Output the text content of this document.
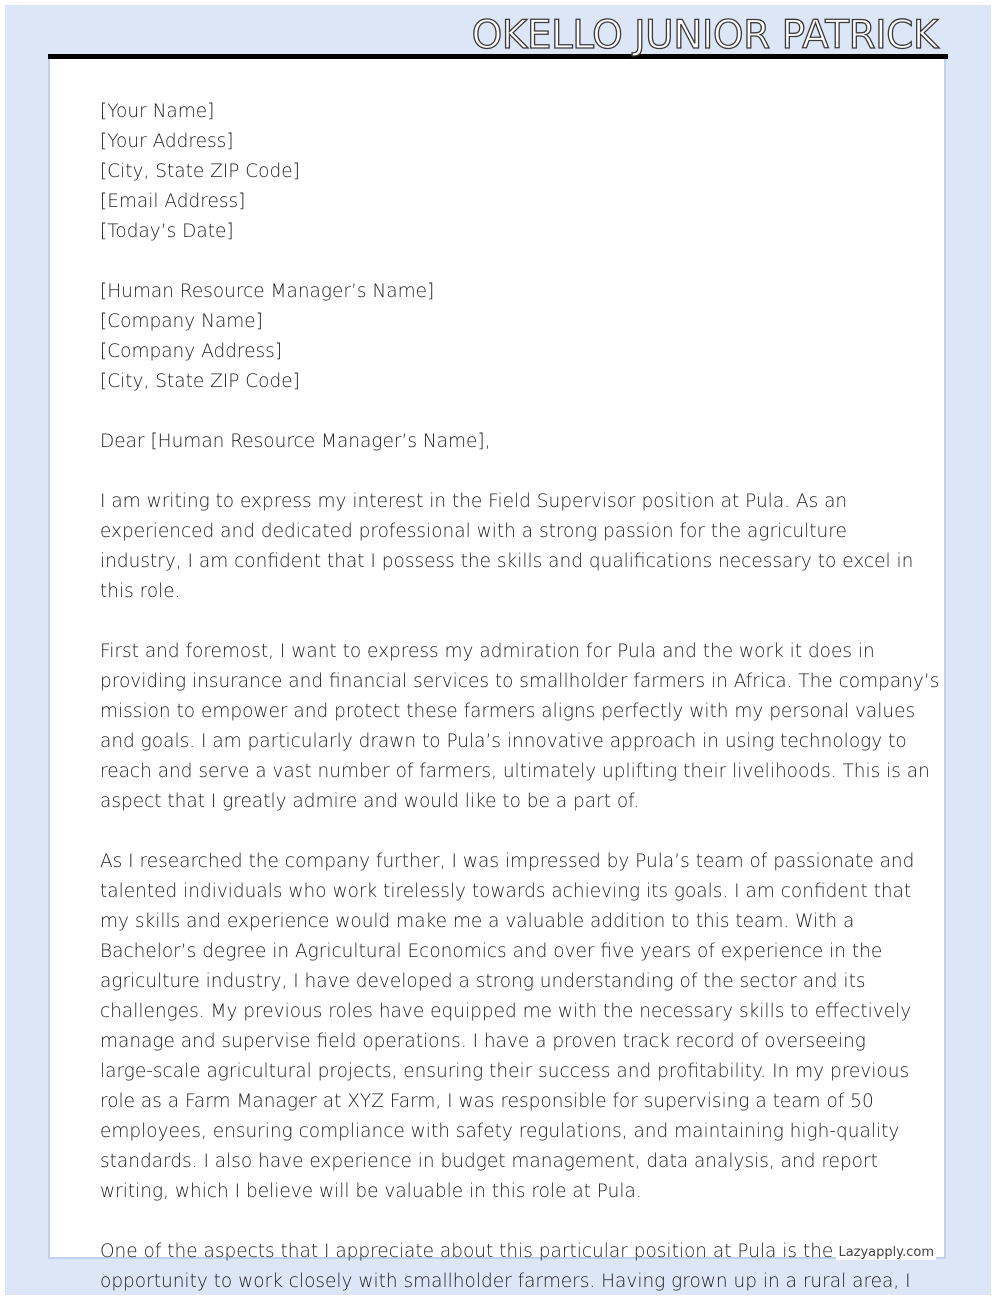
OKELLO JUNIOR PATRICK
[Your Name]
[Your Address]
[City, State ZIP Code]
[Email Address]
[Today’s Date]
[Human Resource Manager’s Name]
[Company Name]
[Company Address]
[City, State ZIP Code]
Dear [Human Resource Manager’s Name],
I am writing to express my interest in the Field Supervisor position at Pula. As an
experienced and dedicated professional with a strong passion for the agriculture
industry, I am confident that I possess the skills and qualifications necessary to excel in
this role.
First and foremost, I want to express my admiration for Pula and the work it does in
providing insurance and financial services to smallholder farmers in Africa. The company’s
mission to empower and protect these farmers aligns perfectly with my personal values
and goals. I am particularly drawn to Pula’s innovative approach in using technology to
reach and serve a vast number of farmers, ultimately uplifting their livelihoods. This is an
aspect that I greatly admire and would like to be a part of.
As I researched the company further, I was impressed by Pula’s team of passionate and
talented individuals who work tirelessly towards achieving its goals. I am confident that
my skills and experience would make me a valuable addition to this team. With a
Bachelor’s degree in Agricultural Economics and over five years of experience in the
agriculture industry, I have developed a strong understanding of the sector and its
challenges. My previous roles have equipped me with the necessary skills to effectively
manage and supervise field operations. I have a proven track record of overseeing
large-scale agricultural projects, ensuring their success and profitability. In my previous
role as a Farm Manager at XYZ Farm, I was responsible for supervising a team of 50
employees, ensuring compliance with safety regulations, and maintaining high-quality
standards. I also have experience in budget management, data analysis, and report
writing, which I believe will be valuable in this role at Pula.
One of the aspects that I appreciate about this particular position at Pula is the
opportunity to work closely with smallholder farmers. Having grown up in a rural area, I
Lazyapply.com
